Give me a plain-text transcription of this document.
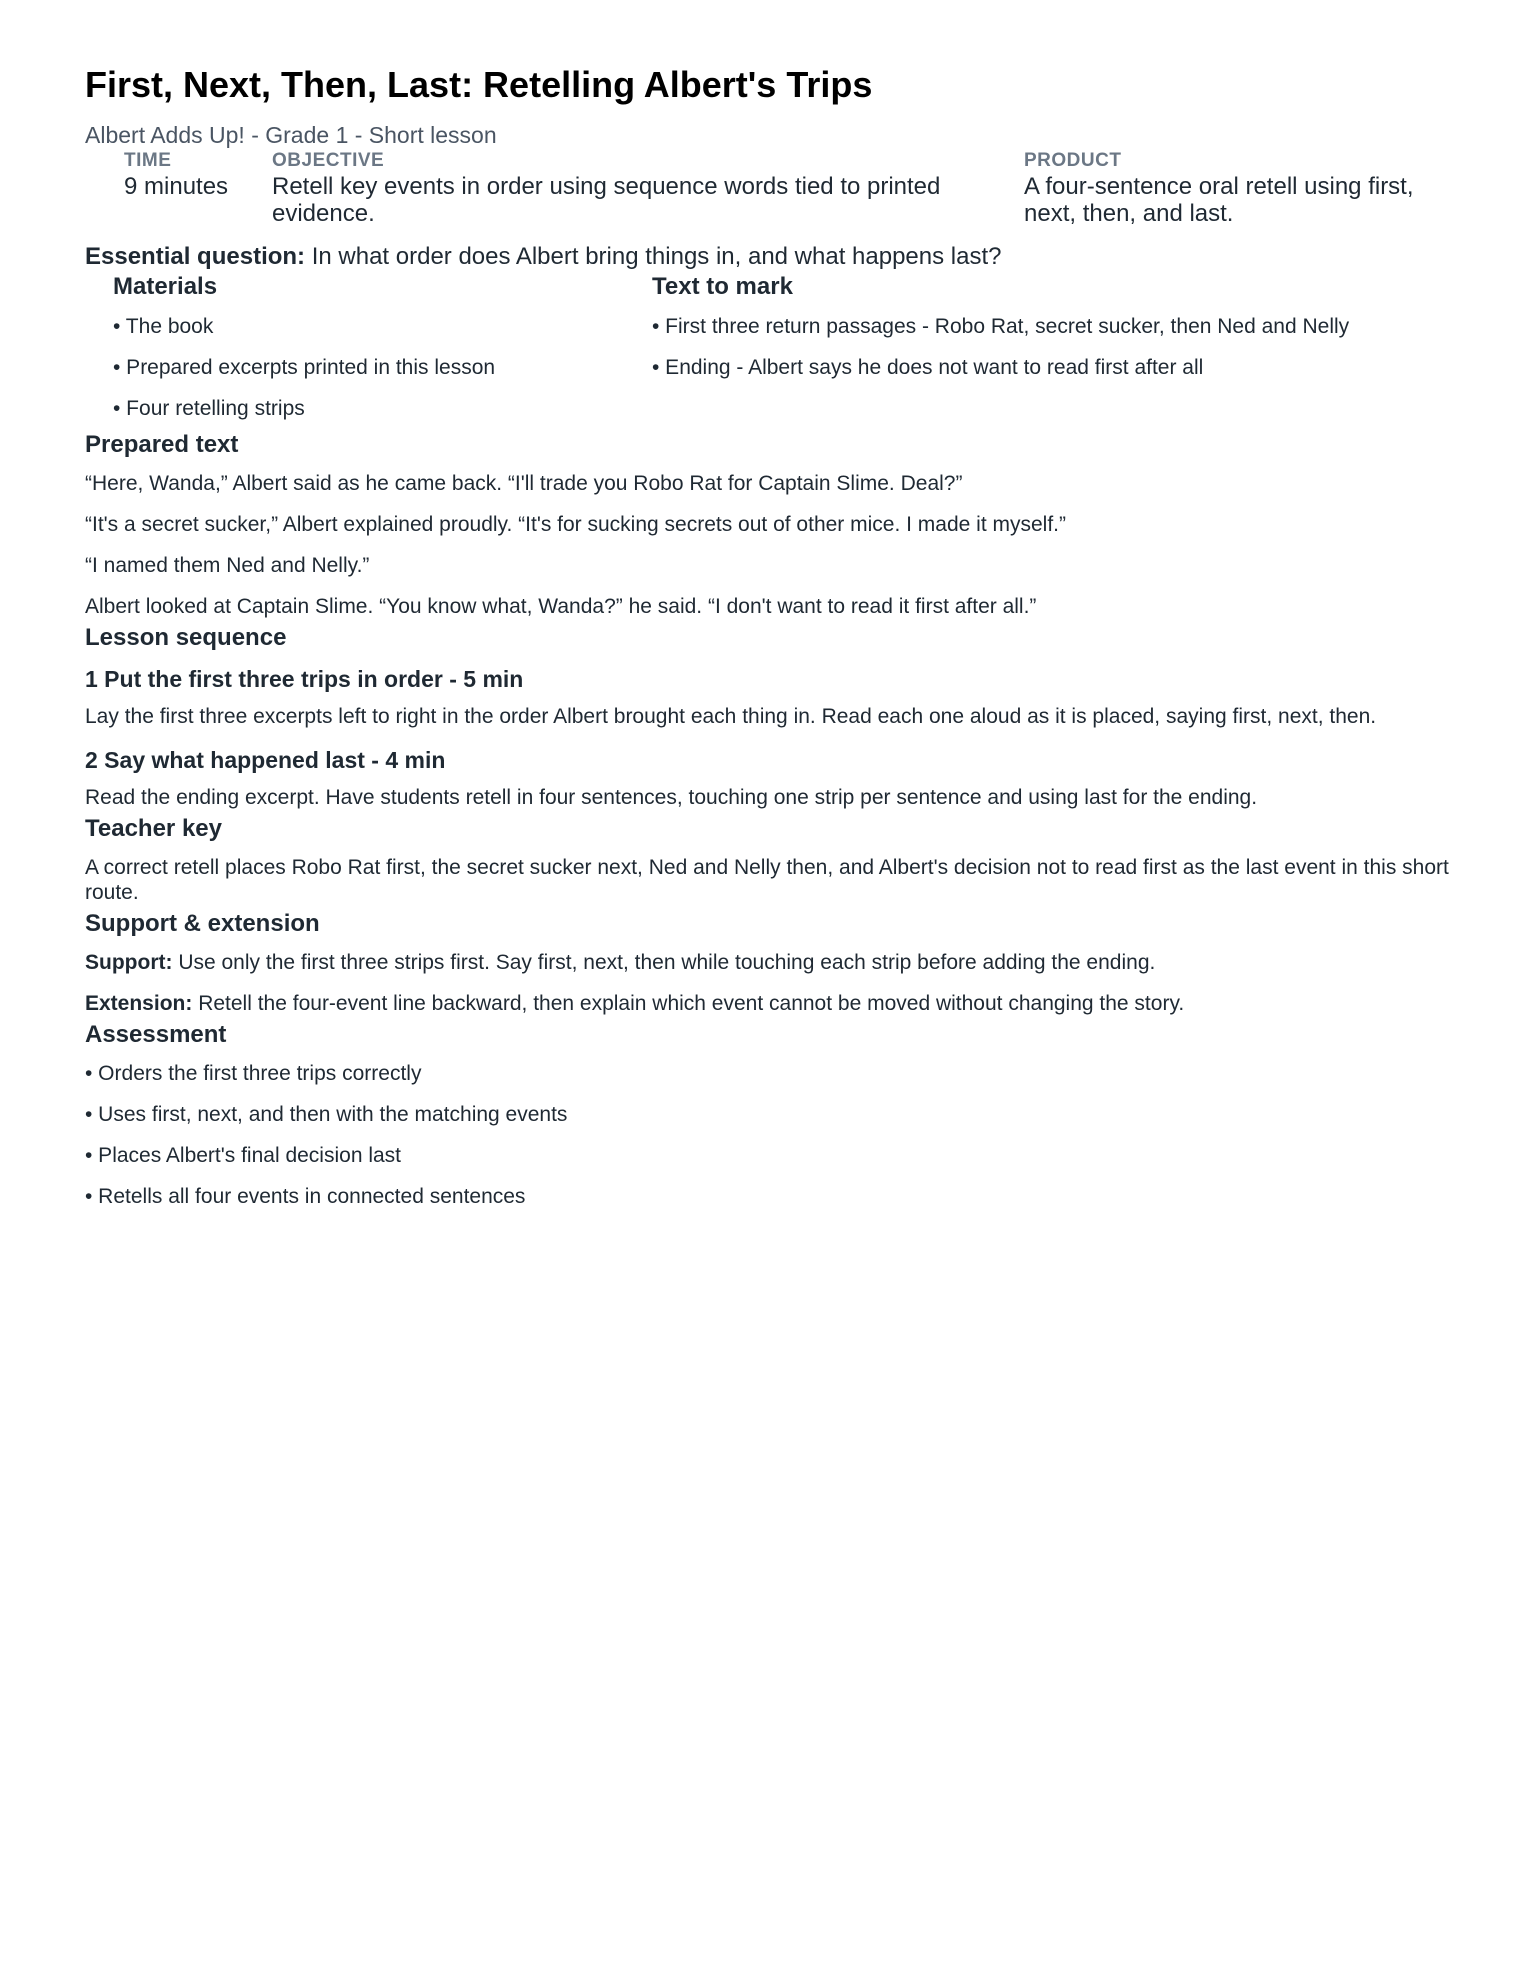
First, Next, Then, Last: Retelling Albert's Trips
Albert Adds Up! - Grade 1 - Short lesson
TIME
9 minutes
OBJECTIVE
Retell key events in order using sequence words tied to printed evidence.
PRODUCT
A four-sentence oral retell using first, next, then, and last.
Essential question: In what order does Albert bring things in, and what happens last?
Materials
• The book
• Prepared excerpts printed in this lesson
• Four retelling strips
Text to mark
• First three return passages - Robo Rat, secret sucker, then Ned and Nelly
• Ending - Albert says he does not want to read first after all
Prepared text
“Here, Wanda,” Albert said as he came back. “I'll trade you Robo Rat for Captain Slime. Deal?”
“It's a secret sucker,” Albert explained proudly. “It's for sucking secrets out of other mice. I made it myself.”
“I named them Ned and Nelly.”
Albert looked at Captain Slime. “You know what, Wanda?” he said. “I don't want to read it first after all.”
Lesson sequence
1 Put the first three trips in order - 5 min
Lay the first three excerpts left to right in the order Albert brought each thing in. Read each one aloud as it is placed, saying first, next, then.
2 Say what happened last - 4 min
Read the ending excerpt. Have students retell in four sentences, touching one strip per sentence and using last for the ending.
Teacher key
A correct retell places Robo Rat first, the secret sucker next, Ned and Nelly then, and Albert's decision not to read first as the last event in this short route.
Support & extension
Support: Use only the first three strips first. Say first, next, then while touching each strip before adding the ending.
Extension: Retell the four-event line backward, then explain which event cannot be moved without changing the story.
Assessment
• Orders the first three trips correctly
• Uses first, next, and then with the matching events
• Places Albert's final decision last
• Retells all four events in connected sentences
